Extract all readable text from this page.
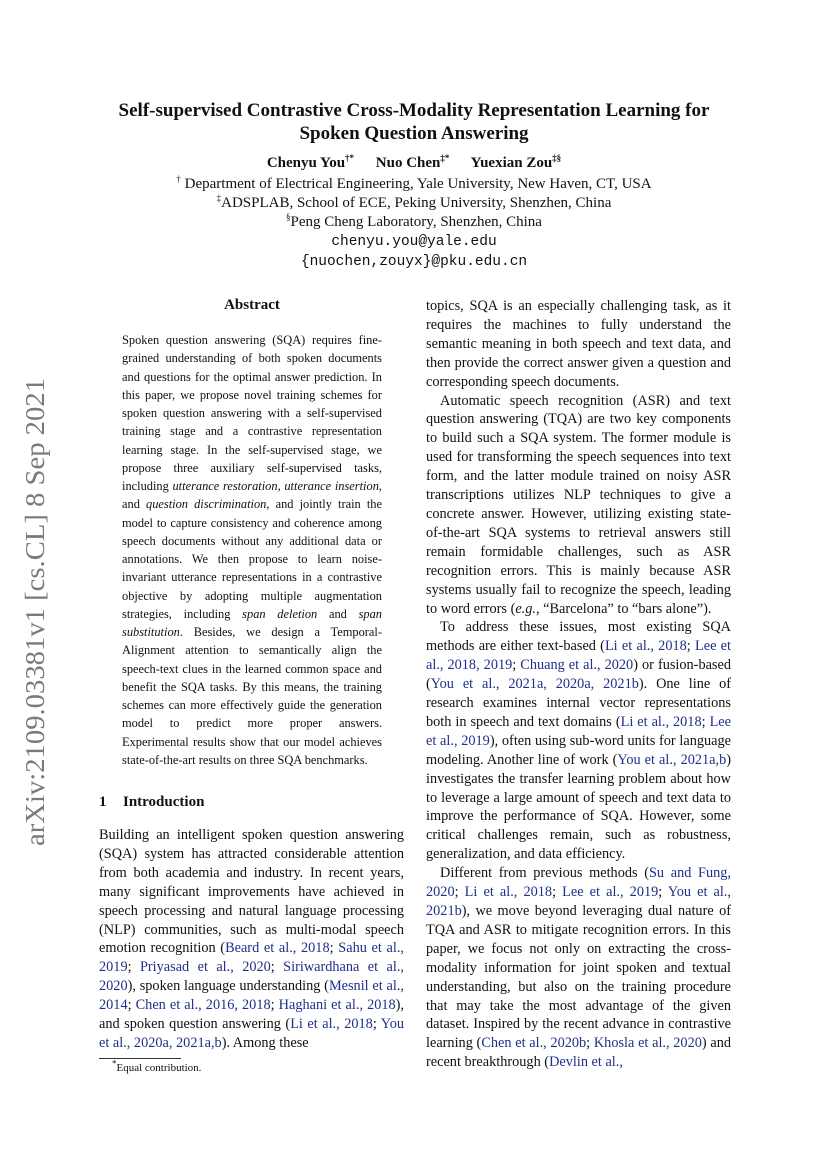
arXiv:2109.03381v1 [cs.CL] 8 Sep 2021
Self-supervised Contrastive Cross-Modality Representation Learning for
Spoken Question Answering
Chenyu You†* Nuo Chen‡* Yuexian Zou‡§
† Department of Electrical Engineering, Yale University, New Haven, CT, USA
‡ADSPLAB, School of ECE, Peking University, Shenzhen, China
§Peng Cheng Laboratory, Shenzhen, China
chenyu.you@yale.edu
{nuochen,zouyx}@pku.edu.cn
Abstract

Spoken question answering (SQA) requires fine-grained understanding of both spoken documents and questions for the optimal answer prediction. In this paper, we propose novel training schemes for spoken question answering with a self-supervised training stage and a contrastive representation learning stage. In the self-supervised stage, we propose three auxiliary self-supervised tasks, including utterance restoration, utterance insertion, and question discrimination, and jointly train the model to capture consistency and coherence among speech documents without any additional data or annotations. We then propose to learn noise-invariant utterance representations in a contrastive objective by adopting multiple augmentation strategies, including span deletion and span substitution. Besides, we design a Temporal-Alignment attention to semantically align the speech-text clues in the learned common space and benefit the SQA tasks. By this means, the training schemes can more effectively guide the generation model to predict more proper answers. Experimental results show that our model achieves state-of-the-art results on three SQA benchmarks.

1 Introduction

Building an intelligent spoken question answering (SQA) system has attracted considerable attention from both academia and industry. In recent years, many significant improvements have achieved in speech processing and natural language processing (NLP) communities, such as multi-modal speech emotion recognition (Beard et al., 2018; Sahu et al., 2019; Priyasad et al., 2020; Siriwardhana et al., 2020), spoken language understanding (Mesnil et al., 2014; Chen et al., 2016, 2018; Haghani et al., 2018), and spoken question answering (Li et al., 2018; You et al., 2020a, 2021a,b). Among these

topics, SQA is an especially challenging task, as it requires the machines to fully understand the semantic meaning in both speech and text data, and then provide the correct answer given a question and corresponding speech documents.

Automatic speech recognition (ASR) and text question answering (TQA) are two key components to build such a SQA system. The former module is used for transforming the speech sequences into text form, and the latter module trained on noisy ASR transcriptions utilizes NLP techniques to give a concrete answer. However, utilizing existing state-of-the-art SQA systems to retrieval answers still remain formidable challenges, such as ASR recognition errors. This is mainly because ASR systems usually fail to recognize the speech, leading to word errors (e.g., “Barcelona” to “bars alone”).

To address these issues, most existing SQA methods are either text-based (Li et al., 2018; Lee et al., 2018, 2019; Chuang et al., 2020) or fusion-based (You et al., 2021a, 2020a, 2021b). One line of research examines internal vector representations both in speech and text domains (Li et al., 2018; Lee et al., 2019), often using sub-word units for language modeling. Another line of work (You et al., 2021a,b) investigates the transfer learning problem about how to leverage a large amount of speech and text data to improve the performance of SQA. However, some critical challenges remain, such as robustness, generalization, and data efficiency.

Different from previous methods (Su and Fung, 2020; Li et al., 2018; Lee et al., 2019; You et al., 2021b), we move beyond leveraging dual nature of TQA and ASR to mitigate recognition errors. In this paper, we focus not only on extracting the cross-modality information for joint spoken and textual understanding, but also on the training procedure that may take the most advantage of the given dataset. Inspired by the recent advance in contrastive learning (Chen et al., 2020b; Khosla et al., 2020) and recent breakthrough (Devlin et al.,

*Equal contribution.
